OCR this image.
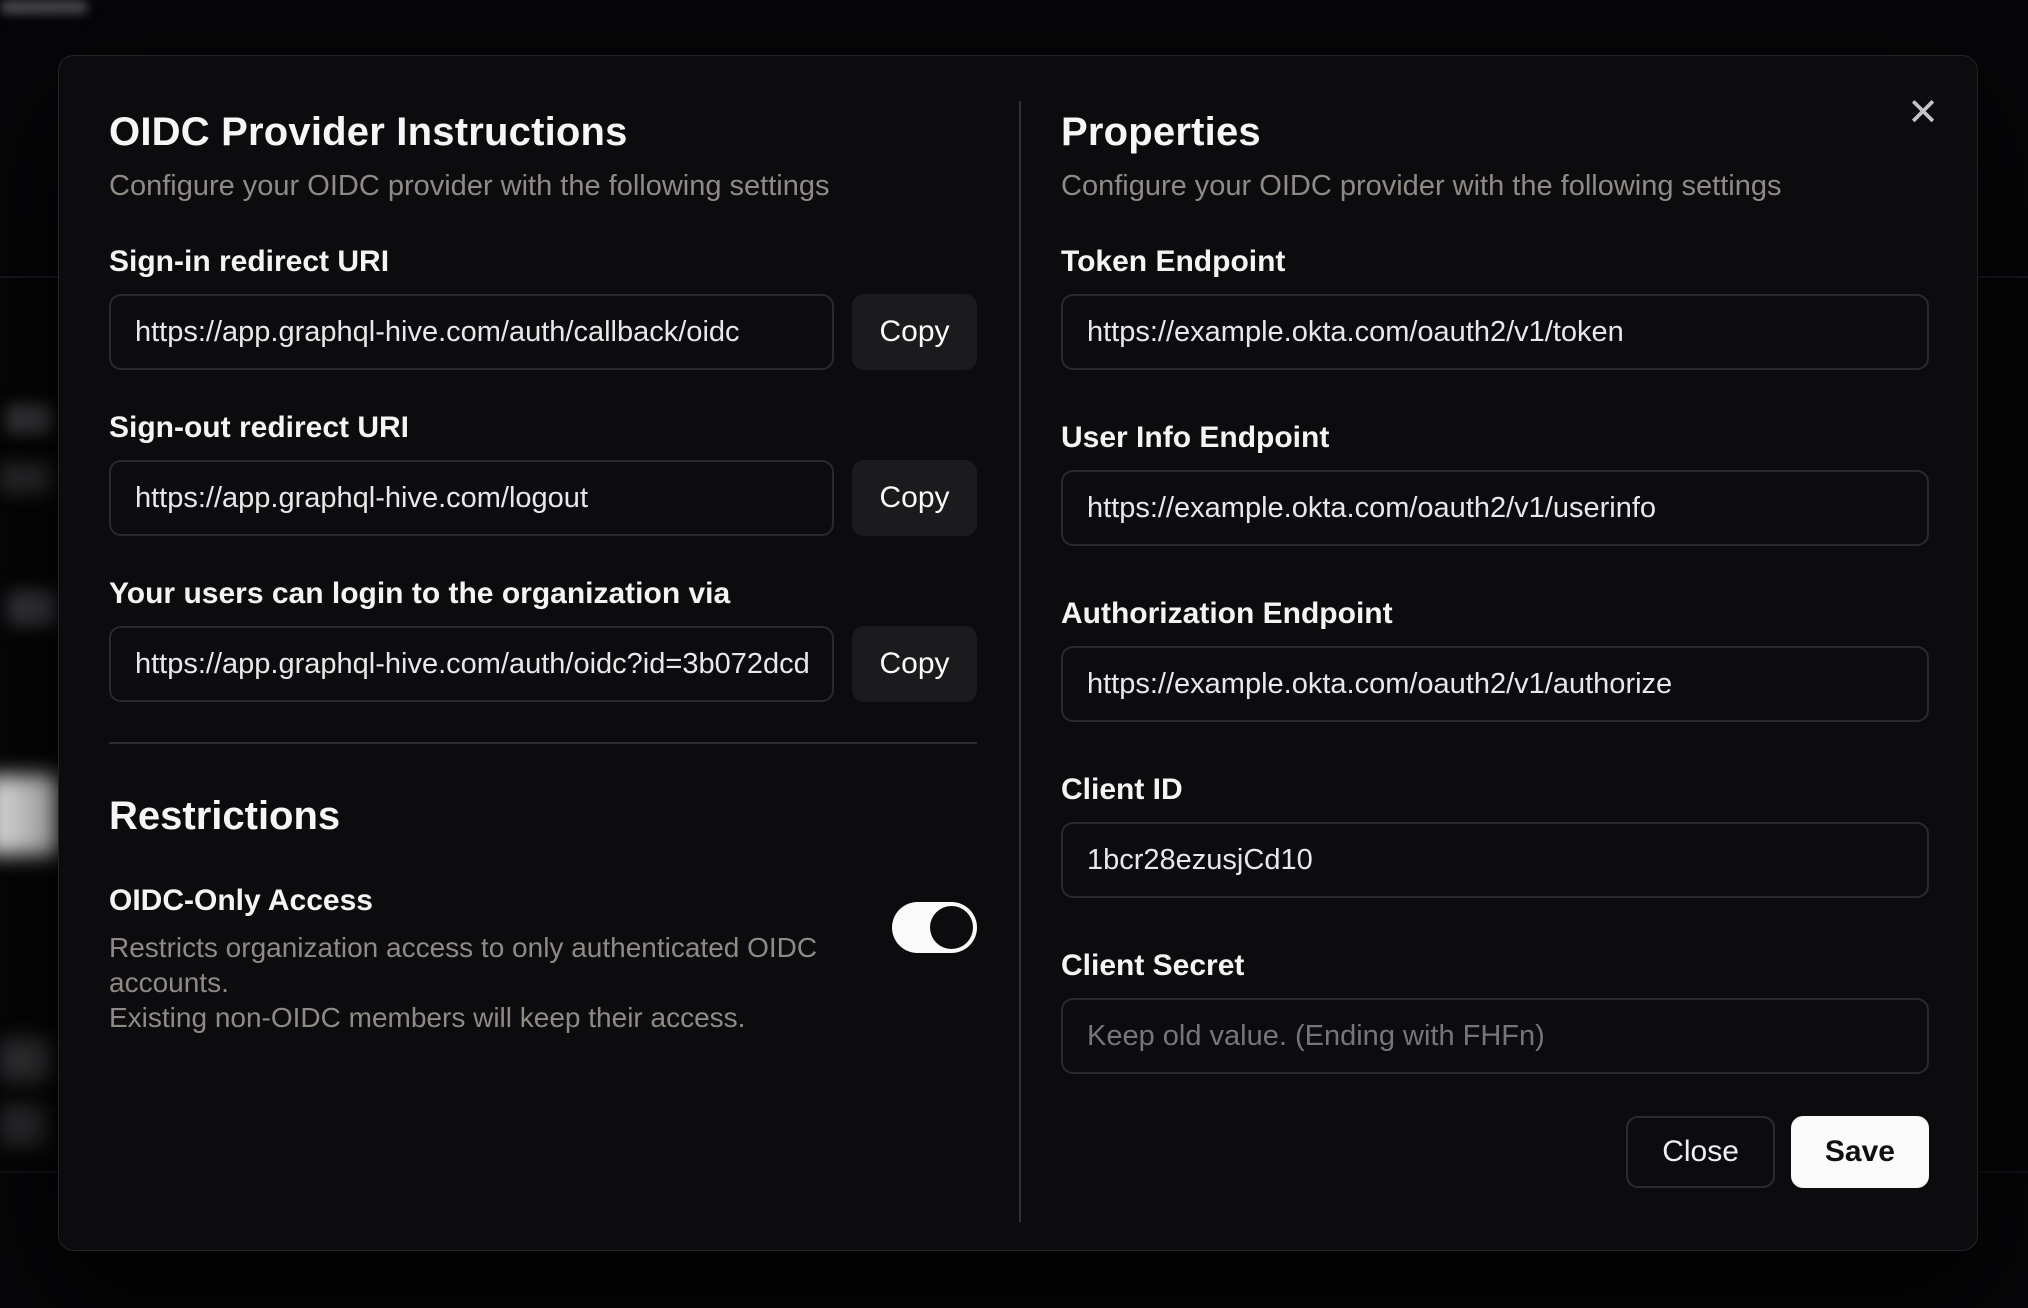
✕
OIDC Provider Instructions

Configure your OIDC provider with the following settings

Sign-in redirect URI
https://app.graphql-hive.com/auth/callback/oidc
Copy
Sign-out redirect URI
https://app.graphql-hive.com/logout
Copy
Your users can login to the organization via
https://app.graphql-hive.com/auth/oidc?id=3b072dcd-4
Copy
Restrictions

OIDC-Only Access

Restricts organization access to only authenticated OIDC accounts.
Existing non-OIDC members will keep their access.

Properties

Configure your OIDC provider with the following settings

Token Endpoint
https://example.okta.com/oauth2/v1/token
User Info Endpoint
https://example.okta.com/oauth2/v1/userinfo
Authorization Endpoint
https://example.okta.com/oauth2/v1/authorize
Client ID
1bcr28ezusjCd10
Client Secret
Keep old value. (Ending with FHFn)
Close	Save
